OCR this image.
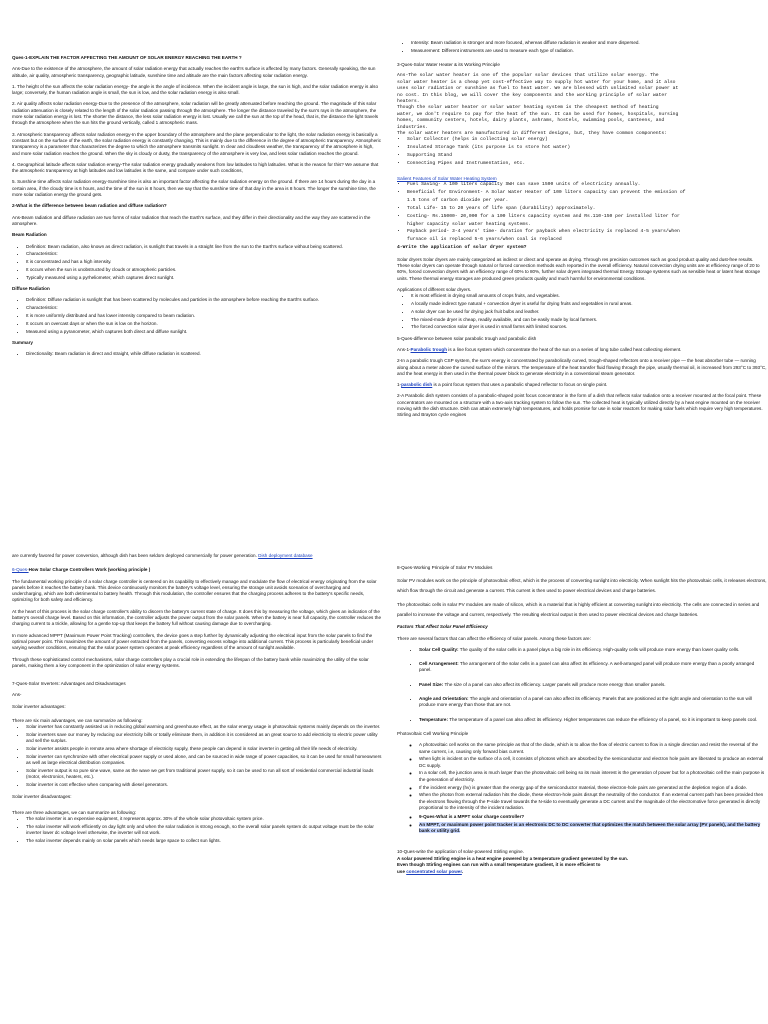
Ques-1-EXPLAIN THE FACTOR AFFECTING THE AMOUNT OF SOLAR ENERGY REACHING THE EARTH ?

Ans-Due to the existence of the atmosphere, the amount of solar radiation energy that actually reaches the earth's surface is affected by many factors. Generally speaking, the sun altitude, air quality, atmospheric transparency, geographic latitude, sunshine time and altitude are the main factors affecting solar radiation energy.

1. The height of the sun affects the solar radiation energy- the angle is the angle of incidence. When the incident angle is large, the sun is high, and the solar radiation energy is also large; conversely, the human radiation angle is small, the sun is low, and the solar radiation energy is also small.

2. Air quality affects solar radiation energy-Due to the presence of the atmosphere, solar radiation will be greatly attenuated before reaching the ground. The magnitude of this solar radiation attenuation is closely related to the length of the solar radiation passing through the atmosphere. The longer the distance traveled by the sun's rays in the atmosphere, the more solar radiation energy is lost. The shorter the distance, the less solar radiation energy is lost. Usually we call the sun at the top of the head, that is, the distance the light travels through the atmosphere when the sun hits the ground vertically, called 1 atmospheric mass.

3. Atmospheric transparency affects solar radiation energy-In the upper boundary of the atmosphere and the plane perpendicular to the light, the solar radiation energy is basically a constant but on the surface of the earth, the solar radiation energy is constantly changing. This is mainly due to the difference in the degree of atmospheric transparency. Atmospheric transparency is a parameter that characterizes the degree to which the atmosphere transmits sunlight. In clear and cloudless weather, the transparency of the atmosphere is high, and more solar radiation reaches the ground. When the sky is cloudy or dusty, the transparency of the atmosphere is very low, and less solar radiation reaches the ground.

4. Geographical latitude affects solar radiation energy-The solar radiation energy gradually weakens from low latitudes to high latitudes. What is the reason for this? We assume that the atmospheric transparency at high latitudes and low latitudes is the same, and compare under such conditions,

5. Sunshine time affects solar radiation energy-Sunshine time is also an important factor affecting the solar radiation energy on the ground. If there are 14 hours during the day in a certain area, if the cloudy time is 6 hours, and the time of the sun is 8 hours, then we say that the sunshine time of that day in the area is 8 hours. The longer the sunshine time, the more solar radiation energy the ground gets.

2-What is the difference between beam radiation and diffuse radiation?

Ans-Beam radiation and diffuse radiation are two forms of solar radiation that reach the Earth's surface, and they differ in their directionality and the way they are scattered in the atmosphere.

Beam Radiation

• Definition: Beam radiation, also known as direct radiation, is sunlight that travels in a straight line from the sun to the Earth's surface without being scattered.
• Characteristics:
• It is concentrated and has a high intensity.
• It occurs when the sun is unobstructed by clouds or atmospheric particles.
• Typically measured using a pyrheliometer, which captures direct sunlight.

Diffuse Radiation

• Definition: Diffuse radiation is sunlight that has been scattered by molecules and particles in the atmosphere before reaching the Earth's surface.
• Characteristics:
• It is more uniformly distributed and has lower intensity compared to beam radiation.
• It occurs on overcast days or when the sun is low on the horizon.
• Measured using a pyranometer, which captures both direct and diffuse sunlight.

Summary

• Directionality: Beam radiation is direct and straight, while diffuse radiation is scattered.
• Intensity: Beam radiation is stronger and more focused, whereas diffuse radiation is weaker and more dispersed.
• Measurement: Different instruments are used to measure each type of radiation.

3-Ques-Solar Water Heater & its Working Principle

Ans-The solar water heater is one of the popular solar devices that utilize solar energy. The

solar water heater is a cheap yet cost-effective way to supply hot water for your home, and it also

uses solar radiation or sunshine as fuel to heat water. We are blessed with unlimited solar power at

no cost. In this blog, we will cover the key components and the working principle of solar water

heaters.

Though the solar water heater or solar water heating system is the cheapest method of heating

water, we don't require to pay for the heat of the sun. It can be used for homes, hospitals, nursing

homes, community centers, hotels, dairy plants, ashrams, hostels, swimming pools, canteens, and

industries.

The solar water heaters are manufactured in different designs, but, they have common components:

• Solar Collector (helps in collecting solar energy)
• Insulated Storage Tank (its purpose is to store hot water)
• Supporting Stand
• Connecting Pipes and Instrumentation, etc.

Salient Features of Solar Water Heating System

• Fuel Saving- A 100 liters capacity SWH can save 1500 units of electricity annually.
• Beneficial for Environment- A Solar Water Heater of 100 liters capacity can prevent the emission of
1.5 tons of carbon dioxide per year.
• Total Life- 15 to 20 years of life span (durability) approximately.
• Costing- Rs.15000- 20,000 for a 100 liters capacity system and Rs.110-150 per installed liter for
higher capacity solar water heating systems.
• Payback period- 3-4 years' time- duration for payback when electricity is replaced 4-5 years/when
furnace oil is replaced 5-6 years/when coal is replaced

4-Write the application of solar dryer system?

Solar dryers Solar dryers are mainly categorized as indirect or direct and operate as drying. Through res precision outcomes such as good product quality and dust-free results. These solar dryers can operate through natural or forced convection methods each reported in the overall efficiency. Natural convection drying units are at efficiency range of 20 to 60%, forced convection dryers with an efficiency range of 60% to 80%, further solar dryers integrated thermal Energy Storage systems such as sensible heat or latent heat storage units. These thermal energy storages are produced green products quality and much harmful for environmental conditions.

Applications of different solar dryers.

• It is most efficient in drying small amounts of crops fruits, and vegetables.
• A locally made indirect type natural + convection dryer is useful for drying fruits and vegetables in rural areas.
• A solar dryer can be used for drying jack fruit bulbs and leather.
• The mixed-mode dryer is cheap, readily available, and can be easily made by local farmers.
• The forced convection solar dryer is used in small farms with limited sources.

5-Ques-difference between solar parabolic trough and parabolic dish

Ans-1-Parabolic trough is a line focus system which concentrate the heat of the sun on a series of long tube called heat collecting element.

2-In a parabolic trough CSP system, the sun's energy is concentrated by parabolically curved, trough-shaped reflectors onto a receiver pipe — the heat absorber tube — running along about a meter above the curved surface of the mirrors. The temperature of the heat transfer fluid flowing through the pipe, usually thermal oil, is increased from 293°C to 393°C, and the heat energy is then used in the thermal power block to generate electricity in a conventional steam generator.

1-parabolic dish is a point focus system that uses a parabolic shaped reflector to focus on single point.

2-A Parabolic dish system consists of a parabolic-shaped point focus concentrator in the form of a dish that reflects solar radiation onto a receiver mounted at the focal point. These concentrators are mounted on a structure with a two-axis tracking system to follow the sun. The collected heat is typically utilized directly by a heat engine mounted on the receiver moving with the dish structure. Dish can attain extremely high temperatures, and holds promise for use in solar reactors for making solar fuels which require very high temperatures. Stirling and Brayton cycle engines

are currently favored for power conversion, although dish has been seldom deployed commercially for power generation. Dish deployment database

6-Ques-How Solar Charge Controllers Work (working principle )

The fundamental working principle of a solar charge controller is centered on its capability to effectively manage and modulate the flow of electrical energy originating from the solar panels before it reaches the battery bank. This device continuously monitors the battery's voltage level, ensuring the storage unit avoids scenarios of overcharging and undercharging, which are both detrimental to battery health. Through this modulation, the controller ensures that the charging process adheres to the battery's specific needs, optimizing for both safety and efficiency.

At the heart of this process is the solar charge controller's ability to discern the battery's current state of charge. It does this by measuring the voltage, which gives an indication of the battery's overall charge level. Based on this information, the controller adjusts the power output from the solar panels. When the battery is near full capacity, the controller reduces the charging current to a trickle, allowing for a gentle top-up that keeps the battery full without causing damage due to overcharging.

In more advanced MPPT (Maximum Power Point Tracking) controllers, the device goes a step further by dynamically adjusting the electrical input from the solar panels to find the optimal power point. This maximizes the amount of power extracted from the panels, converting excess voltage into additional current. This process is particularly beneficial under varying weather conditions, ensuring that the solar power system operates at peak efficiency regardless of the amount of sunlight available.

Through these sophisticated control mechanisms, solar charge controllers play a crucial role in extending the lifespan of the battery bank while maximizing the utility of the solar panels, making them a key component in the optimization of solar energy systems.

7-Ques-Solar Inverters: Advantages and Disadvantages

Ans-

Solar inverter advantages:

There are six main advantages, we can summarize as following:

• Solar inverter has constantly assisted us in reducing global warming and greenhouse effect, as the solar energy usage in photovoltaic systems mainly depends on the inverter.
• Solar inverters save our money by reducing our electricity bills or totally eliminate them, in addition it is considered as an great source to add electricity to electric power utility and sell the surplus.
• Solar inverter assists people in remote area where shortage of electricity supply, these people can depend in solar inverter in getting all their life needs of electricity.
• Solar inverter can synchronize with other electrical power supply or used alone, and can be sourced in wide range of power capacities, so it can be used for small homeowners as well as large electrical distribution companies.
• Solar inverter output is so pure sine wave, same as the wave we get from traditional power supply, so it can be used to run all sort of residential commercial industrial loads (motor, electronics, heaters, etc.).
• Solar inverter is cost effective when comparing with diesel generators.

Solar inverter disadvantages:

There are three advantages, we can summarize as following:

• The solar inverter is an expensive equipment, it represents approx. 30% of the whole solar photovoltaic system price.
• The solar inverter will work efficiently on day light only and when the solar radiation is strong enough, so the overall solar panels system dc output voltage must be the solar inverter lower dc voltage level otherwise, the inverter will not work.
• The solar inverter depends mainly on solar panels which needs large space to collect sun lights.

8-Ques-Working Principle of Solar PV Modules

Solar PV modules work on the principle of photovoltaic effect, which is the process of converting sunlight into electricity. When sunlight hits the photovoltaic cells, it releases electrons, which flow through the circuit and generate a current. This current is then used to power electrical devices and charge batteries.

The photovoltaic cells in solar PV modules are made of silicon, which is a material that is highly efficient at converting sunlight into electricity. The cells are connected in series and parallel to increase the voltage and current, respectively. The resulting electrical output is then used to power electrical devices and charge batteries.

Factors That Affect Solar Panel Efficiency

There are several factors that can affect the efficiency of solar panels. Among these factors are:

• Solar Cell Quality: The quality of the solar cells in a panel plays a big role in its efficiency. High-quality cells will produce more energy than lower quality cells.
• Cell Arrangement: The arrangement of the solar cells in a panel can also affect its efficiency. A well-arranged panel will produce more energy than a poorly arranged panel.
• Panel Size: The size of a panel can also affect its efficiency. Larger panels will produce more energy than smaller panels.
• Angle and Orientation: The angle and orientation of a panel can also affect its efficiency. Panels that are positioned at the right angle and orientation to the sun will produce more energy than those that are not.
• Temperature: The temperature of a panel can also affect its efficiency. Higher temperatures can reduce the efficiency of a panel, so it is important to keep panels cool.

Photovoltaic Cell Working Principle

◦ A photovoltaic cell works on the same principle as that of the diode, which is to allow the flow of electric current to flow in a single direction and resist the reversal of the same current, i.e, causing only forward bias current.
◦ When light is incident on the surface of a cell, it consists of photons which are absorbed by the semiconductor and electron hole pairs are liberated to produce an external DC supply.
◦ In a solar cell, the junction area is much larger than the photovoltaic cell being so its main interest is the generation of power but for a photovoltaic cell the main purpose is the generation of electricity.
◦ If the incident energy (hv) is greater than the energy gap of the semiconductor material, these electron-hole pairs are generated at the depletion region of a diode.
◦ When the photon from external radiation hits the diode, these electron-hole pairs disrupt the neutrality of the conductor. If an external current path has been provided then the electrons flowing through the P-side travel towards the N-side to eventually generate a DC current and the magnitude of the electromotive force generated is directly proportional to the intensity of the incident radiation.
◦ 9-Ques-What is a MPPT solar charge controller?
◦ An MPPT, or maximum power point tracker is an electronic DC to DC converter that optimizes the match between the solar array (PV panels), and the battery bank or utility grid.

10-Ques-write the application of solar-powered Stirling engine.

A solar powered Stirling engine is a heat engine powered by a temperature gradient generated by the sun.

Even though Stirling engines can run with a small temperature gradient, it is more efficient to

use concentrated solar power.
